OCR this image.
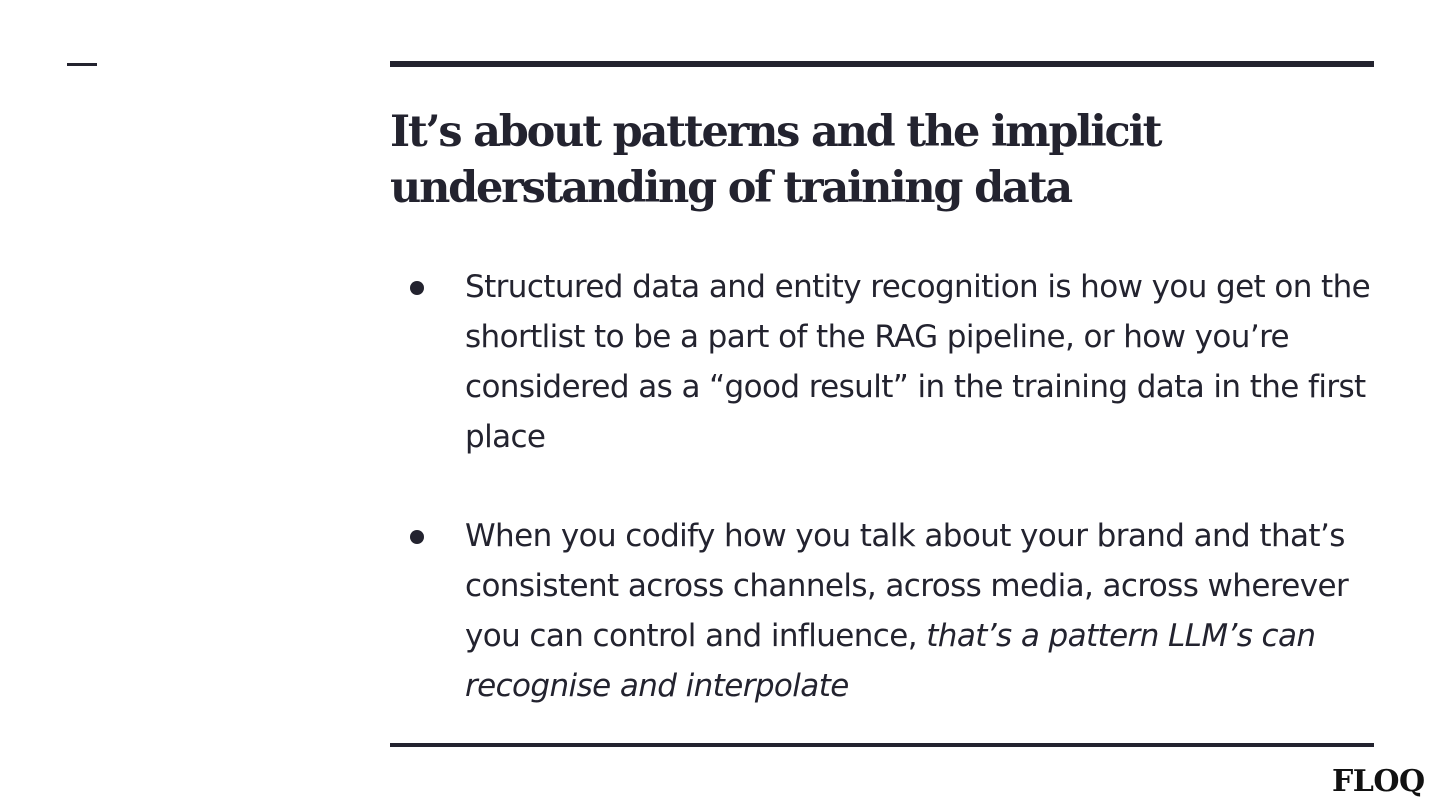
It’s about patterns and the implicit understanding of training data
Structured data and entity recognition is how you get on the shortlist to be a part of the RAG pipeline, or how you’re considered as a “good result” in the training data in the first place
When you codify how you talk about your brand and that’s consistent across channels, across media, across wherever you can control and influence, that’s a pattern LLM’s can recognise and interpolate
FLOQ
